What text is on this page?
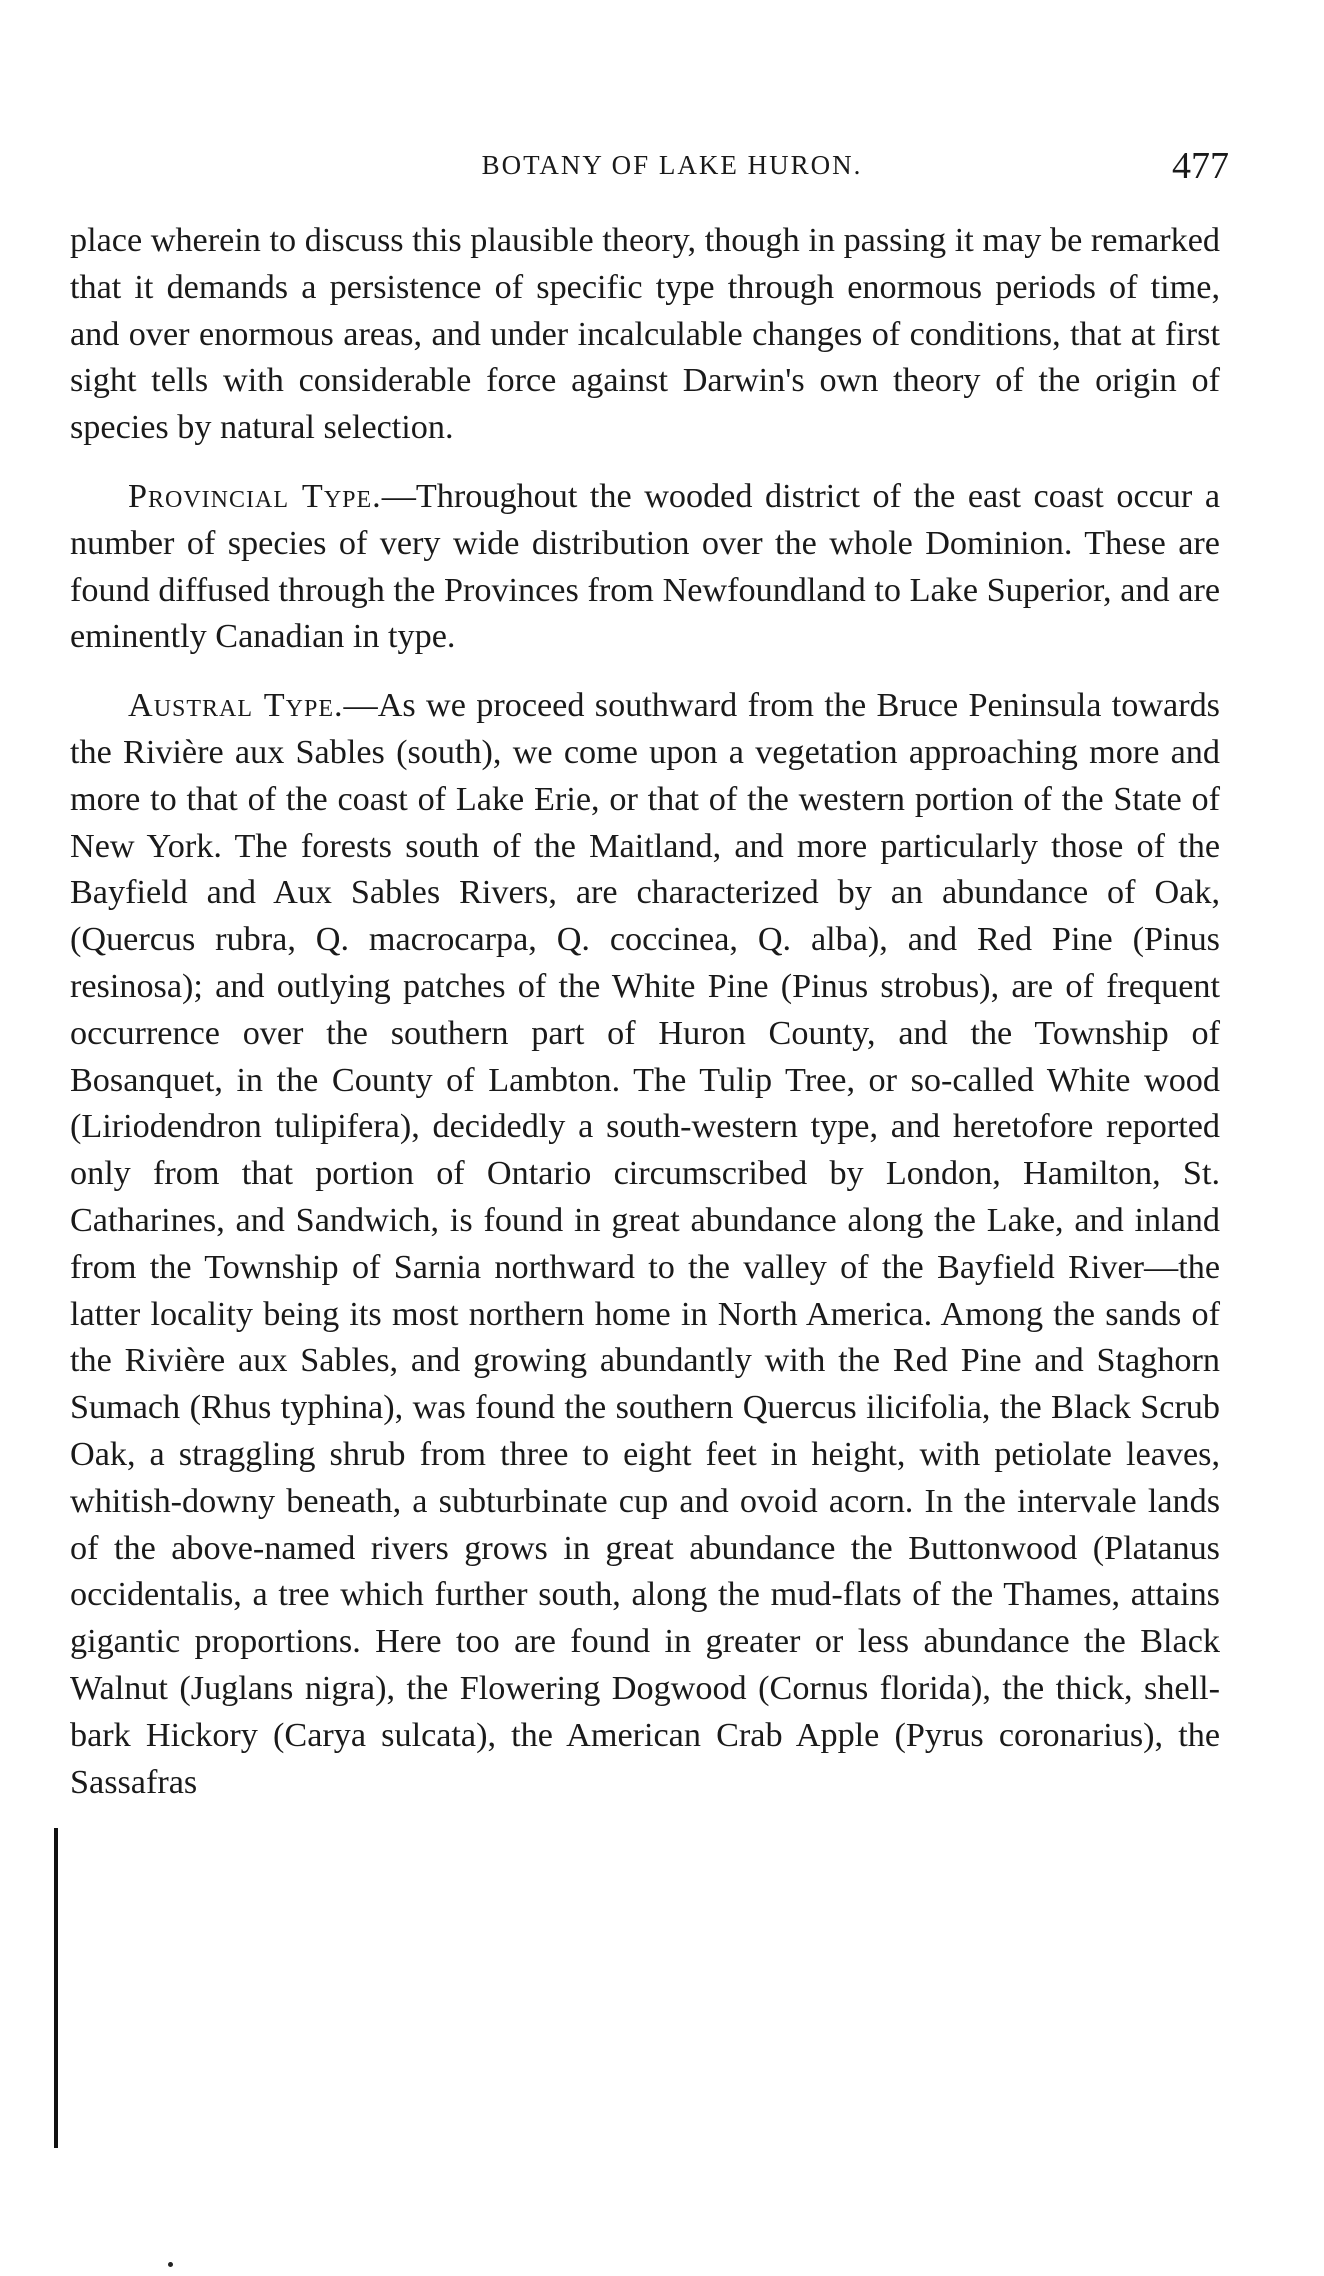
BOTANY OF LAKE HURON.	477

place wherein to discuss this plausible theory, though in passing it may be remarked that it demands a persistence of specific type through enormous periods of time, and over enormous areas, and under incalculable changes of conditions, that at first sight tells with considerable force against Darwin's own theory of the origin of species by natural selection.

Provincial Type.—Throughout the wooded district of the east coast occur a number of species of very wide distribution over the whole Dominion. These are found diffused through the Provinces from Newfoundland to Lake Superior, and are eminently Canadian in type.

Austral Type.—As we proceed southward from the Bruce Peninsula towards the Rivière aux Sables (south), we come upon a vegetation approaching more and more to that of the coast of Lake Erie, or that of the western portion of the State of New York. The forests south of the Maitland, and more particularly those of the Bayfield and Aux Sables Rivers, are characterized by an abundance of Oak, (Quercus rubra, Q. macrocarpa, Q. coccinea, Q. alba), and Red Pine (Pinus resinosa); and outlying patches of the White Pine (Pinus strobus), are of frequent occurrence over the southern part of Huron County, and the Township of Bosanquet, in the County of Lambton. The Tulip Tree, or so-called White wood (Liriodendron tulipifera), decidedly a south-western type, and heretofore reported only from that portion of Ontario circumscribed by London, Hamilton, St. Catharines, and Sandwich, is found in great abundance along the Lake, and inland from the Township of Sarnia northward to the valley of the Bayfield River—the latter locality being its most northern home in North America. Among the sands of the Rivière aux Sables, and growing abundantly with the Red Pine and Staghorn Sumach (Rhus typhina), was found the southern Quercus ilicifolia, the Black Scrub Oak, a straggling shrub from three to eight feet in height, with petiolate leaves, whitish-downy beneath, a subturbinate cup and ovoid acorn. In the intervale lands of the above-named rivers grows in great abundance the Buttonwood (Platanus occidentalis, a tree which further south, along the mud-flats of the Thames, attains gigantic proportions. Here too are found in greater or less abundance the Black Walnut (Juglans nigra), the Flowering Dogwood (Cornus florida), the thick, shell-bark Hickory (Carya sulcata), the American Crab Apple (Pyrus coronarius), the Sassafras
